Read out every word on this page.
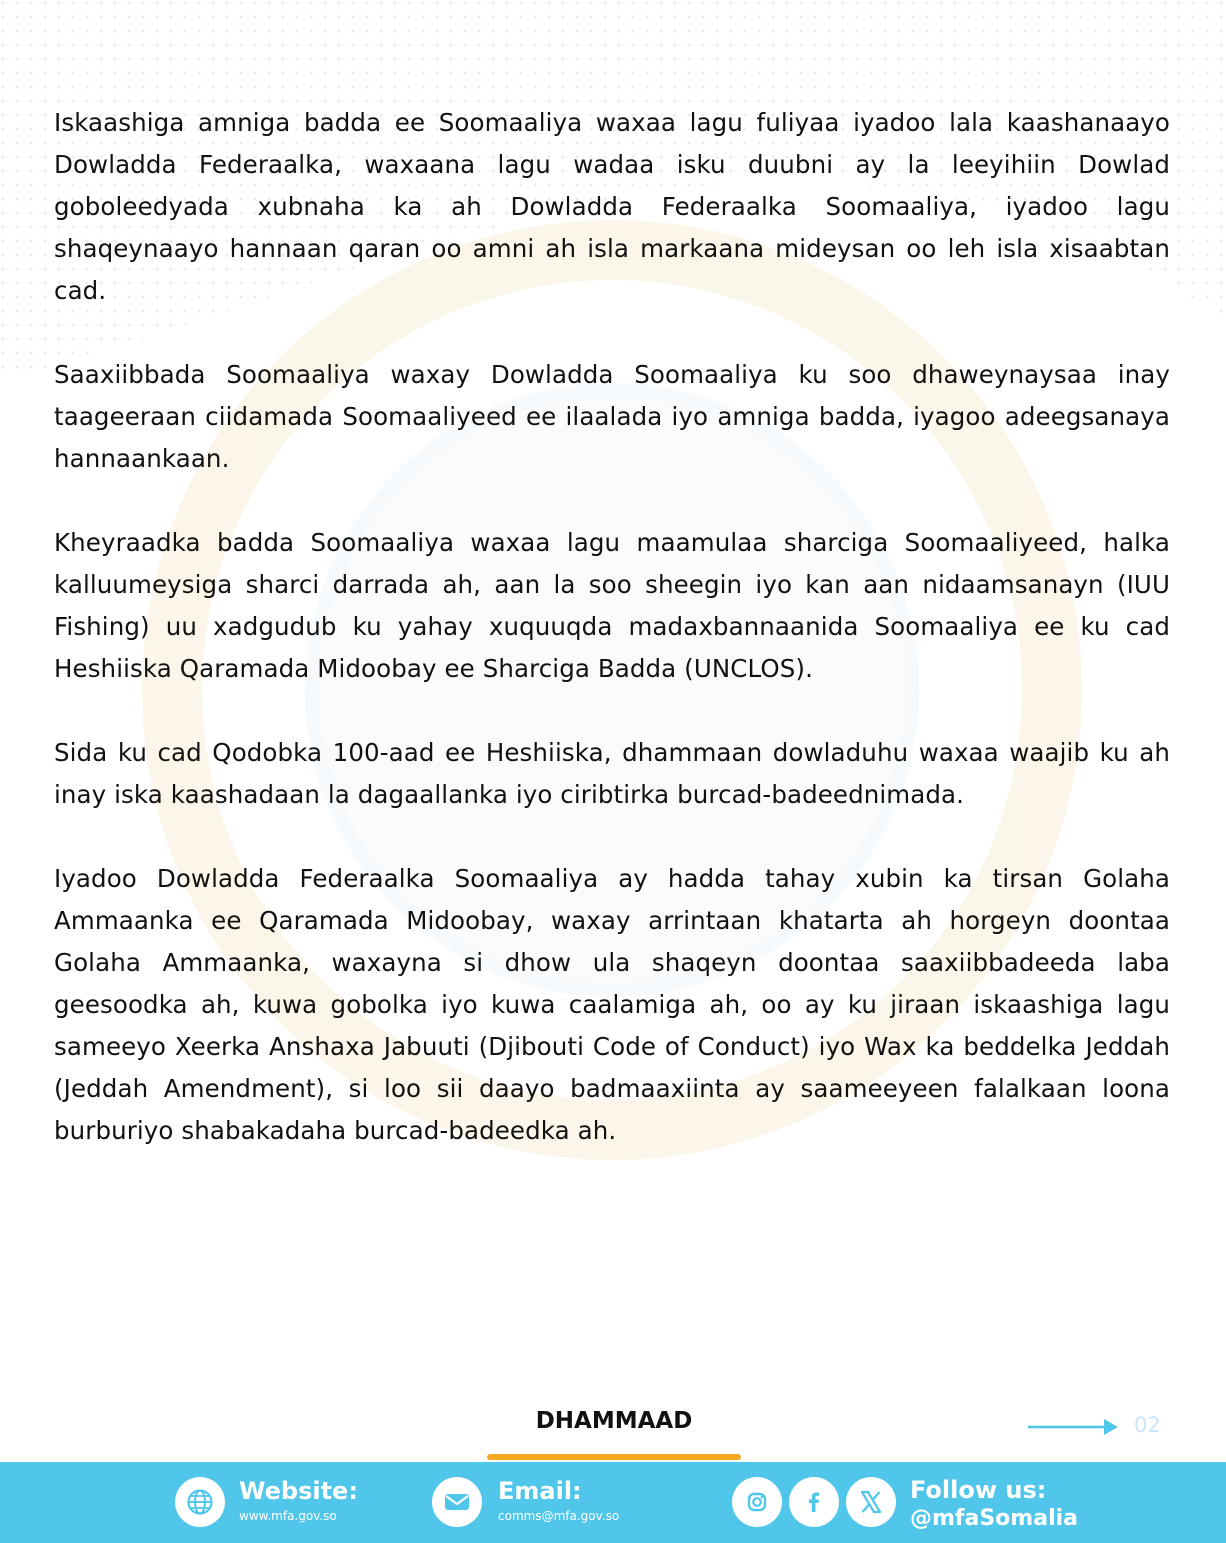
Iskaashiga amniga badda ee Soomaaliya waxaa lagu fuliyaa iyadoo lala kaashanaayo Dowladda Federaalka, waxaana lagu wadaa isku duubni ay la leeyihiin Dowlad goboleedyada xubnaha ka ah Dowladda Federaalka Soomaaliya, iyadoo lagu shaqeynaayo hannaan qaran oo amni ah isla markaana mideysan oo leh isla xisaabtan cad.

Saaxiibbada Soomaaliya waxay Dowladda Soomaaliya ku soo dhaweynaysaa inay taageeraan ciidamada Soomaaliyeed ee ilaalada iyo amniga badda, iyagoo adeegsanaya hannaankaan.

Kheyraadka badda Soomaaliya waxaa lagu maamulaa sharciga Soomaaliyeed, halka kalluumeysiga sharci darrada ah, aan la soo sheegin iyo kan aan nidaamsanayn (IUU Fishing) uu xadgudub ku yahay xuquuqda madaxbannaanida Soomaaliya ee ku cad Heshiiska Qaramada Midoobay ee Sharciga Badda (UNCLOS).

Sida ku cad Qodobka 100-aad ee Heshiiska, dhammaan dowladuhu waxaa waajib ku ah inay iska kaashadaan la dagaallanka iyo ciribtirka burcad-badeednimada.

Iyadoo Dowladda Federaalka Soomaaliya ay hadda tahay xubin ka tirsan Golaha Ammaanka ee Qaramada Midoobay, waxay arrintaan khatarta ah horgeyn doontaa Golaha Ammaanka, waxayna si dhow ula shaqeyn doontaa saaxiibbadeeda laba geesoodka ah, kuwa gobolka iyo kuwa caalamiga ah, oo ay ku jiraan iskaashiga lagu sameeyo Xeerka Anshaxa Jabuuti (Djibouti Code of Conduct) iyo Wax ka beddelka Jeddah (Jeddah Amendment), si loo sii daayo badmaaxiinta ay saameeyeen falalkaan loona burburiyo shabakadaha burcad-badeedka ah.

DHAMMAAD	02
Website:
www.mfa.gov.so
Email:
comms@mfa.gov.so
Follow us:
@mfaSomalia
